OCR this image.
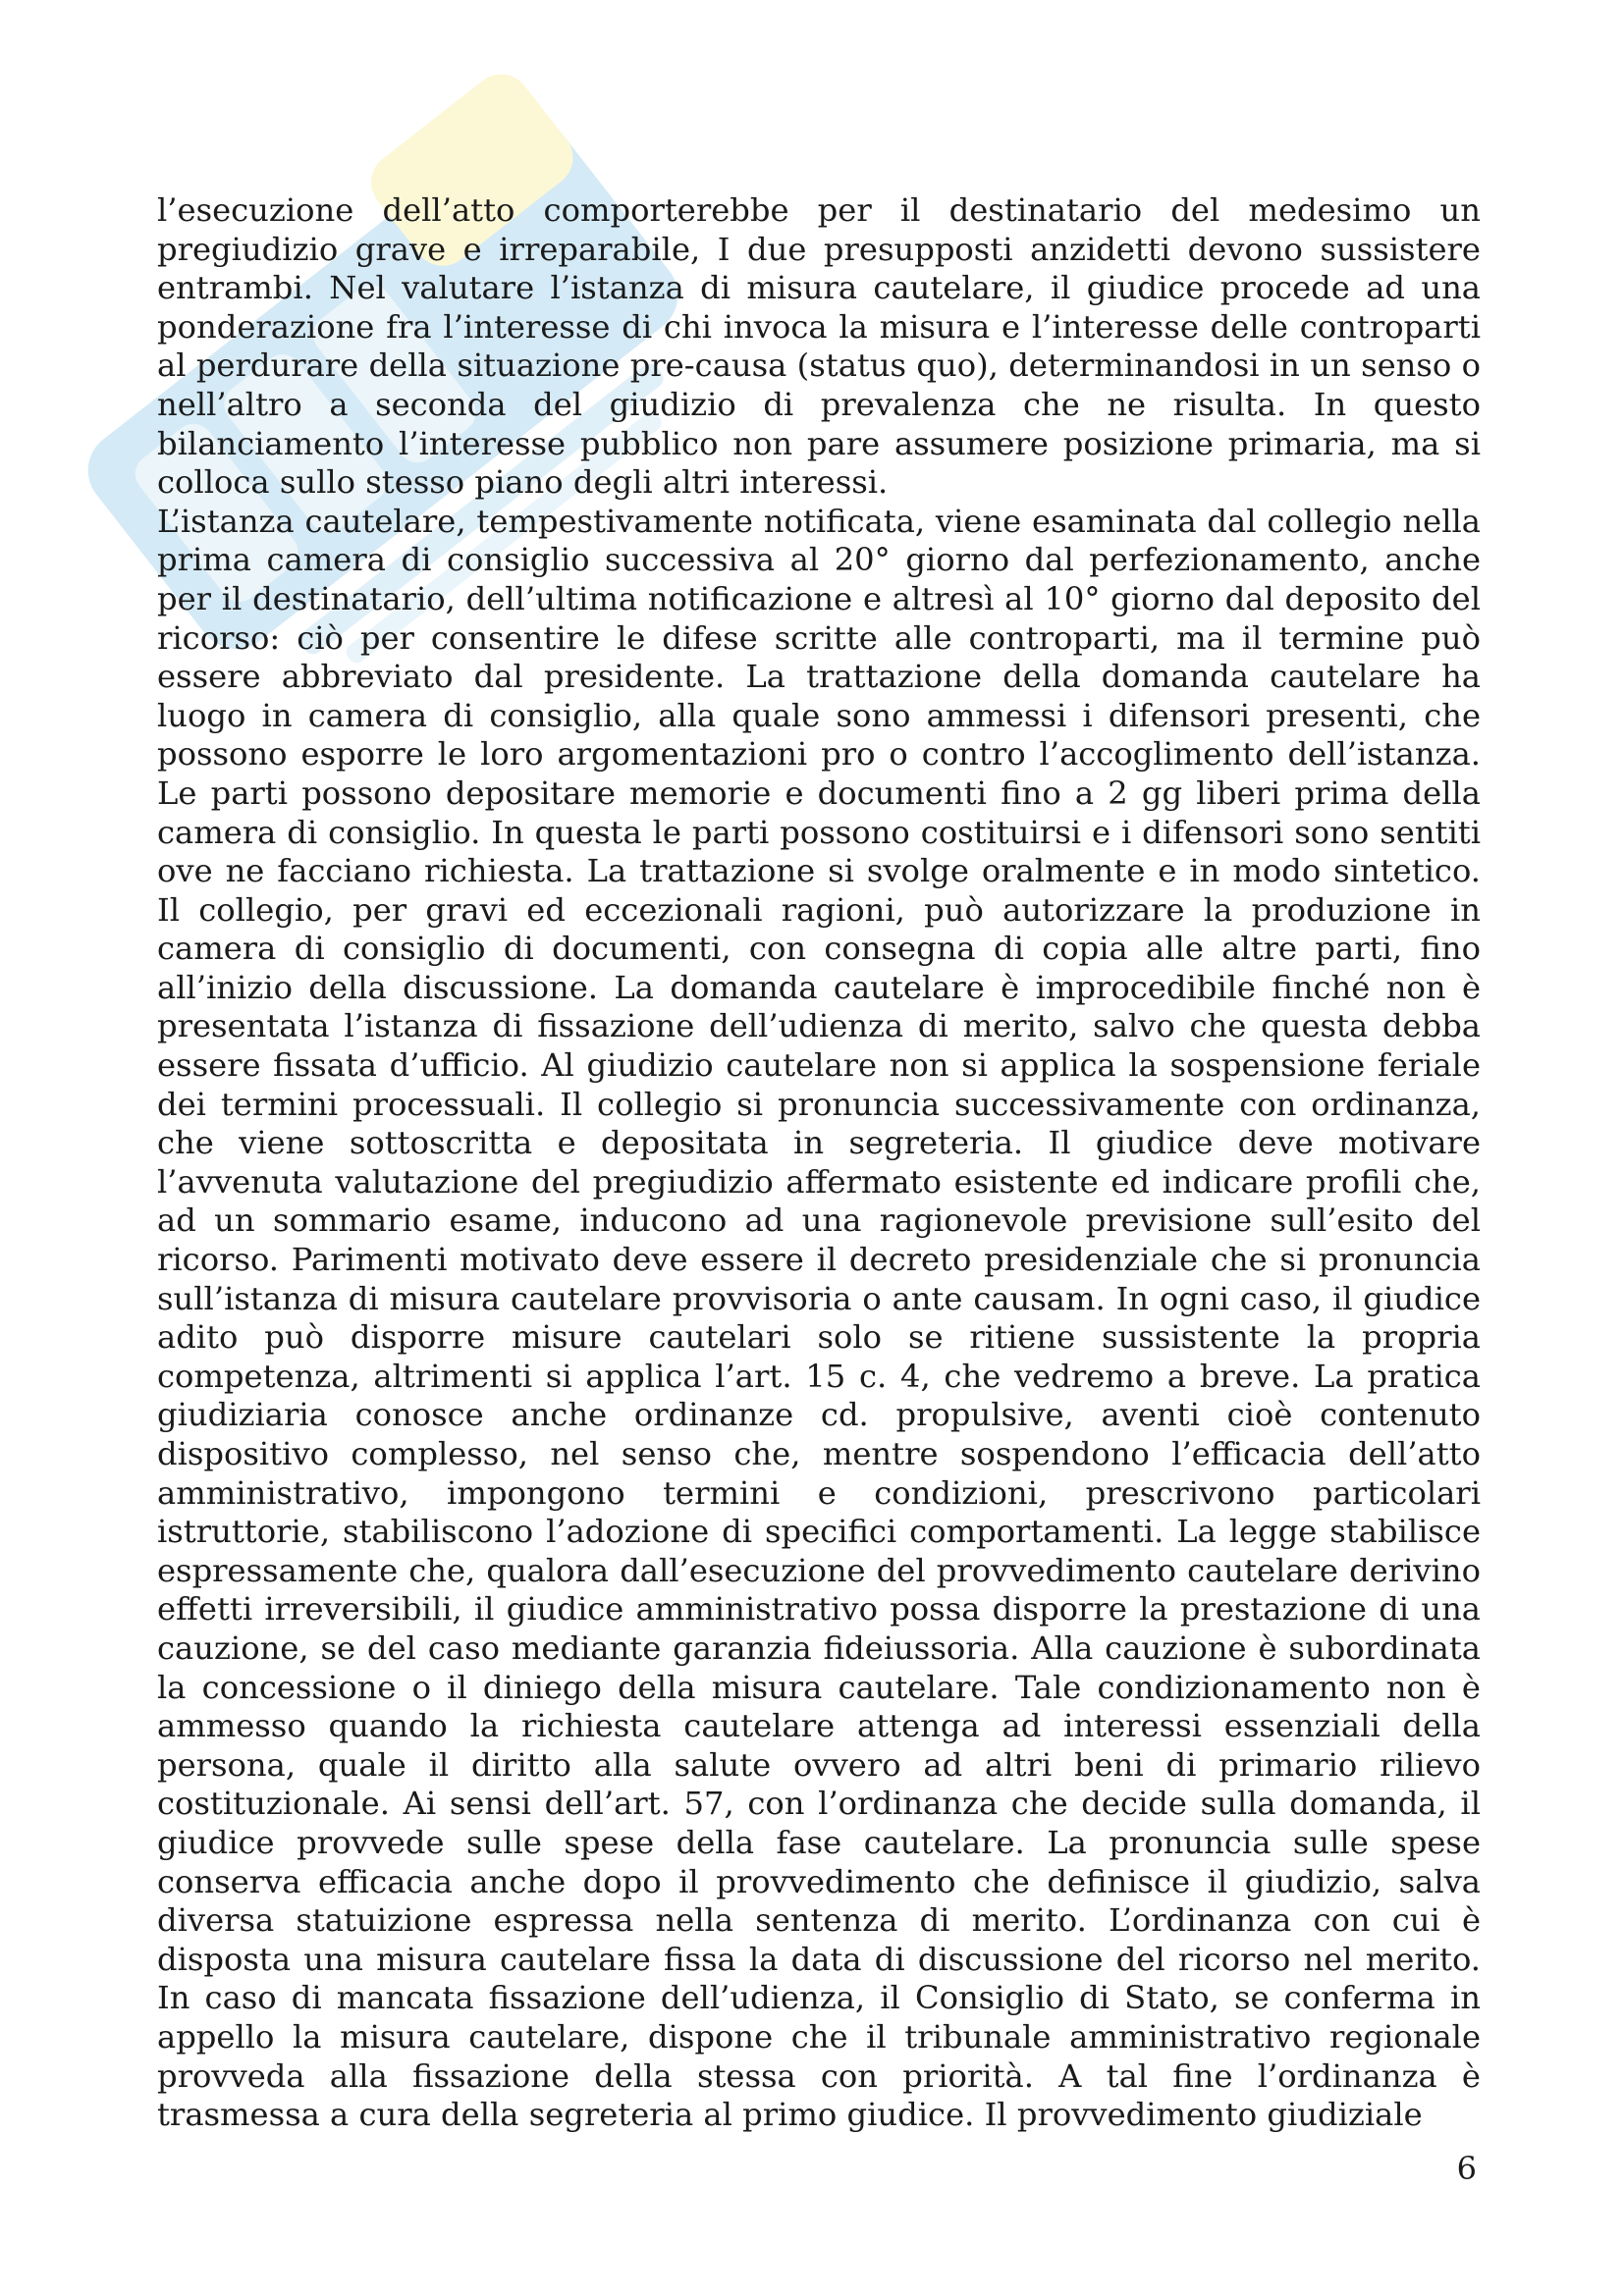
l’esecuzione dell’atto comporterebbe per il destinatario del medesimo un pregiudizio grave e irreparabile, I due presupposti anzidetti devono sussistere entrambi. Nel valutare l’istanza di misura cautelare, il giudice procede ad una ponderazione fra l’interesse di chi invoca la misura e l’interesse delle controparti al perdurare della situazione pre-causa (status quo), determinandosi in un senso o nell’altro a seconda del giudizio di prevalenza che ne risulta. In questo bilanciamento l’interesse pubblico non pare assumere posizione primaria, ma si colloca sullo stesso piano degli altri interessi.

L’istanza cautelare, tempestivamente notificata, viene esaminata dal collegio nella prima camera di consiglio successiva al 20° giorno dal perfezionamento, anche per il destinatario, dell’ultima notificazione e altresì al 10° giorno dal deposito del ricorso: ciò per consentire le difese scritte alle controparti, ma il termine può essere abbreviato dal presidente. La trattazione della domanda cautelare ha luogo in camera di consiglio, alla quale sono ammessi i difensori presenti, che possono esporre le loro argomentazioni pro o contro l’accoglimento dell’istanza. Le parti possono depositare memorie e documenti fino a 2 gg liberi prima della camera di consiglio. In questa le parti possono costituirsi e i difensori sono sentiti ove ne facciano richiesta. La trattazione si svolge oralmente e in modo sintetico. Il collegio, per gravi ed eccezionali ragioni, può autorizzare la produzione in camera di consiglio di documenti, con consegna di copia alle altre parti, fino all’inizio della discussione. La domanda cautelare è improcedibile finché non è presentata l’istanza di fissazione dell’udienza di merito, salvo che questa debba essere fissata d’ufficio. Al giudizio cautelare non si applica la sospensione feriale dei termini processuali. Il collegio si pronuncia successivamente con ordinanza, che viene sottoscritta e depositata in segreteria. Il giudice deve motivare l’avvenuta valutazione del pregiudizio affermato esistente ed indicare profili che, ad un sommario esame, inducono ad una ragionevole previsione sull’esito del ricorso. Parimenti motivato deve essere il decreto presidenziale che si pronuncia sull’istanza di misura cautelare provvisoria o ante causam. In ogni caso, il giudice adito può disporre misure cautelari solo se ritiene sussistente la propria competenza, altrimenti si applica l’art. 15 c. 4, che vedremo a breve. La pratica giudiziaria conosce anche ordinanze cd. propulsive, aventi cioè contenuto dispositivo complesso, nel senso che, mentre sospendono l’efficacia dell’atto amministrativo, impongono termini e condizioni, prescrivono particolari istruttorie, stabiliscono l’adozione di specifici comportamenti. La legge stabilisce espressamente che, qualora dall’esecuzione del provvedimento cautelare derivino effetti irreversibili, il giudice amministrativo possa disporre la prestazione di una cauzione, se del caso mediante garanzia fideiussoria. Alla cauzione è subordinata la concessione o il diniego della misura cautelare. Tale condizionamento non è ammesso quando la richiesta cautelare attenga ad interessi essenziali della persona, quale il diritto alla salute ovvero ad altri beni di primario rilievo costituzionale. Ai sensi dell’art. 57, con l’ordinanza che decide sulla domanda, il giudice provvede sulle spese della fase cautelare. La pronuncia sulle spese conserva efficacia anche dopo il provvedimento che definisce il giudizio, salva diversa statuizione espressa nella sentenza di merito. L’ordinanza con cui è disposta una misura cautelare fissa la data di discussione del ricorso nel merito. In caso di mancata fissazione dell’udienza, il Consiglio di Stato, se conferma in appello la misura cautelare, dispone che il tribunale amministrativo regionale provveda alla fissazione della stessa con priorità. A tal fine l’ordinanza è trasmessa a cura della segreteria al primo giudice. Il provvedimento giudiziale

6
